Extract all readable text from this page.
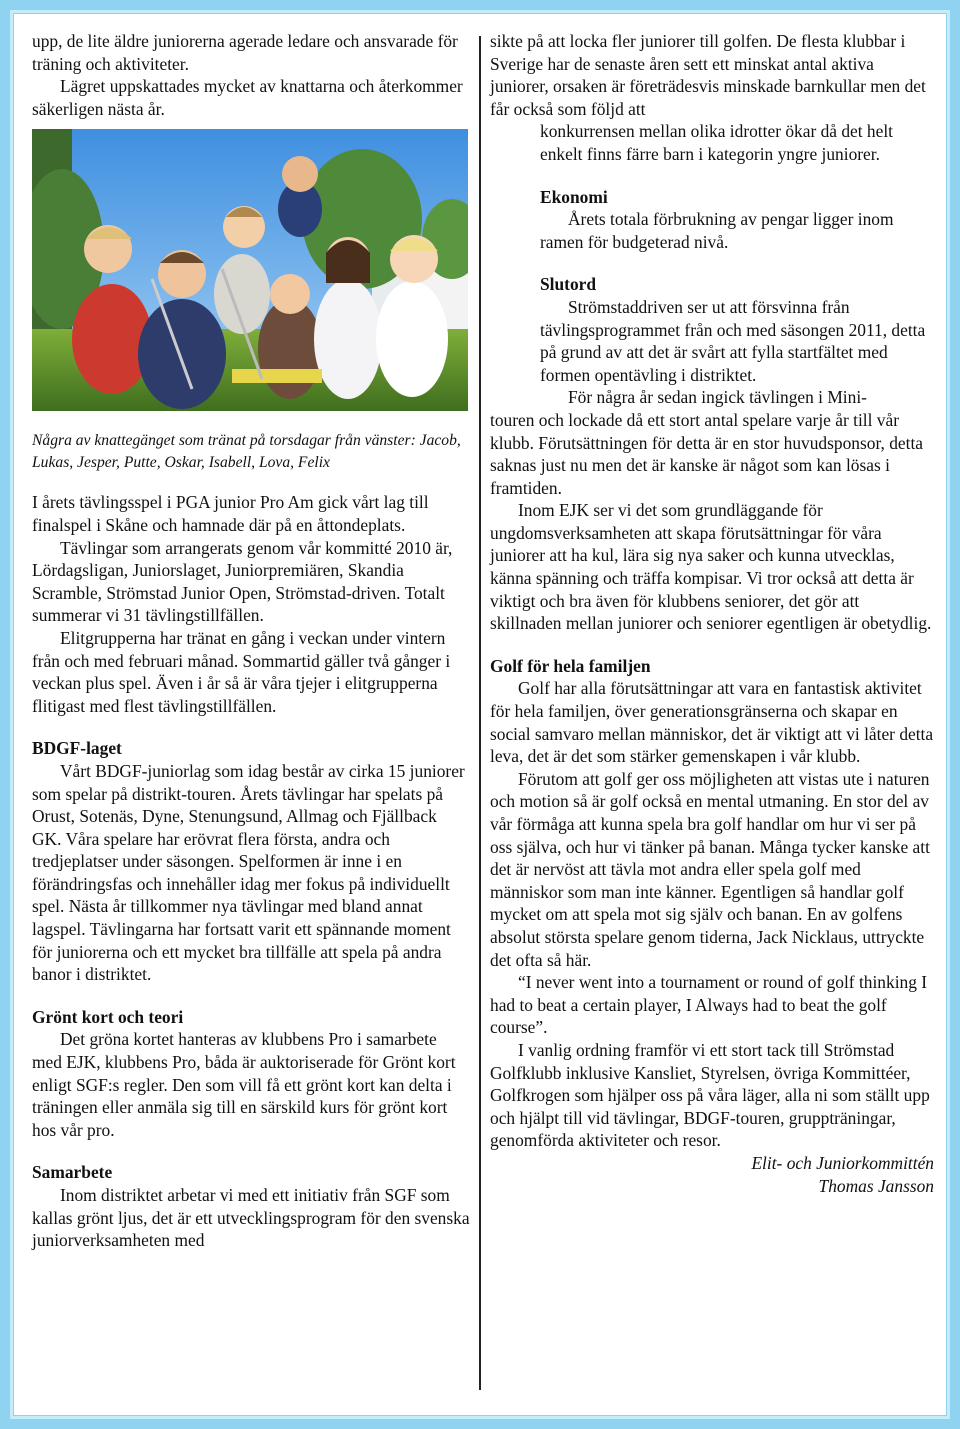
upp, de lite äldre juniorerna agerade ledare och ansvarade för träning och aktiviteter.

Lägret uppskattades mycket av knattarna och återkommer säkerligen nästa år.

Några av knattegänget som tränat på torsdagar från vänster: Jacob, Lukas, Jesper, Putte, Oskar, Isabell, Lova, Felix

I årets tävlingsspel i PGA junior Pro Am gick vårt lag till finalspel i Skåne och hamnade där på en åttondeplats.

Tävlingar som arrangerats genom vår kommitté 2010 är, Lördagsligan, Juniorslaget, Juniorpremiären, Skandia Scramble, Strömstad Junior Open, Strömstad-driven. Totalt summerar vi 31 tävlingstillfällen.

Elitgrupperna har tränat en gång i veckan under vintern från och med februari månad. Sommartid gäller två gånger i veckan plus spel. Även i år så är våra tjejer i elitgrupperna flitigast med flest tävlingstillfällen.

BDGF-laget

Vårt BDGF-juniorlag som idag består av cirka 15 juniorer som spelar på distrikt-touren. Årets tävlingar har spelats på Orust, Sotenäs, Dyne, Stenungsund, Allmag och Fjällback GK. Våra spelare har erövrat flera första, andra och tredjeplatser under säsongen. Spelformen är inne i en förändringsfas och innehåller idag mer fokus på individuellt spel. Nästa år tillkommer nya tävlingar med bland annat lagspel. Tävlingarna har fortsatt varit ett spännande moment för juniorerna och ett mycket bra tillfälle att spela på andra banor i distriktet.

Grönt kort och teori

Det gröna kortet hanteras av klubbens Pro i samarbete med EJK, klubbens Pro, båda är auktoriserade för Grönt kort enligt SGF:s regler. Den som vill få ett grönt kort kan delta i träningen eller anmäla sig till en särskild kurs för grönt kort hos vår pro.

Samarbete

Inom distriktet arbetar vi med ett initiativ från SGF som kallas grönt ljus, det är ett utvecklingsprogram för den svenska juniorverksamheten med

sikte på att locka fler juniorer till golfen. De flesta klubbar i Sverige har de senaste åren sett ett minskat antal aktiva juniorer, orsaken är företrädesvis minskade barnkullar men det får också som följd att

konkurrensen mellan olika idrotter ökar då det helt enkelt finns färre barn i kategorin yngre juniorer.

Ekonomi

Årets totala förbrukning av pengar ligger inom ramen för budgeterad nivå.

Slutord

Strömstaddriven ser ut att försvinna från tävlingsprogrammet från och med säsongen 2011, detta på grund av att det är svårt att fylla startfältet med formen opentävling i distriktet.

För några år sedan ingick tävlingen i Mini-

touren och lockade då ett stort antal spelare varje år till vår klubb. Förutsättningen för detta är en stor huvudsponsor, detta saknas just nu men det är kanske är något som kan lösas i framtiden.

Inom EJK ser vi det som grundläggande för ungdomsverksamheten att skapa förutsättningar för våra juniorer att ha kul, lära sig nya saker och kunna utvecklas, känna spänning och träffa kompisar. Vi tror också att detta är viktigt och bra även för klubbens seniorer, det gör att skillnaden mellan juniorer och seniorer egentligen är obetydlig.

Golf för hela familjen

Golf har alla förutsättningar att vara en fantastisk aktivitet för hela familjen, över generationsgränserna och skapar en social samvaro mellan människor, det är viktigt att vi låter detta leva, det är det som stärker gemenskapen i vår klubb.

Förutom att golf ger oss möjligheten att vistas ute i naturen och motion så är golf också en mental utmaning. En stor del av vår förmåga att kunna spela bra golf handlar om hur vi ser på oss själva, och hur vi tänker på banan. Många tycker kanske att det är nervöst att tävla mot andra eller spela golf med människor som man inte känner. Egentligen så handlar golf mycket om att spela mot sig själv och banan. En av golfens absolut största spelare genom tiderna, Jack Nicklaus, uttryckte det ofta så här.

“I never went into a tournament or round of golf thinking I had to beat a certain player, I Always had to beat the golf course”.

I vanlig ordning framför vi ett stort tack till Strömstad Golfklubb inklusive Kansliet, Styrelsen, övriga Kommittéer, Golfkrogen som hjälper oss på våra läger, alla ni som ställt upp och hjälpt till vid tävlingar, BDGF-touren, gruppträningar, genomförda aktiviteter och resor.

Elit- och Juniorkommittén

Thomas Jansson
